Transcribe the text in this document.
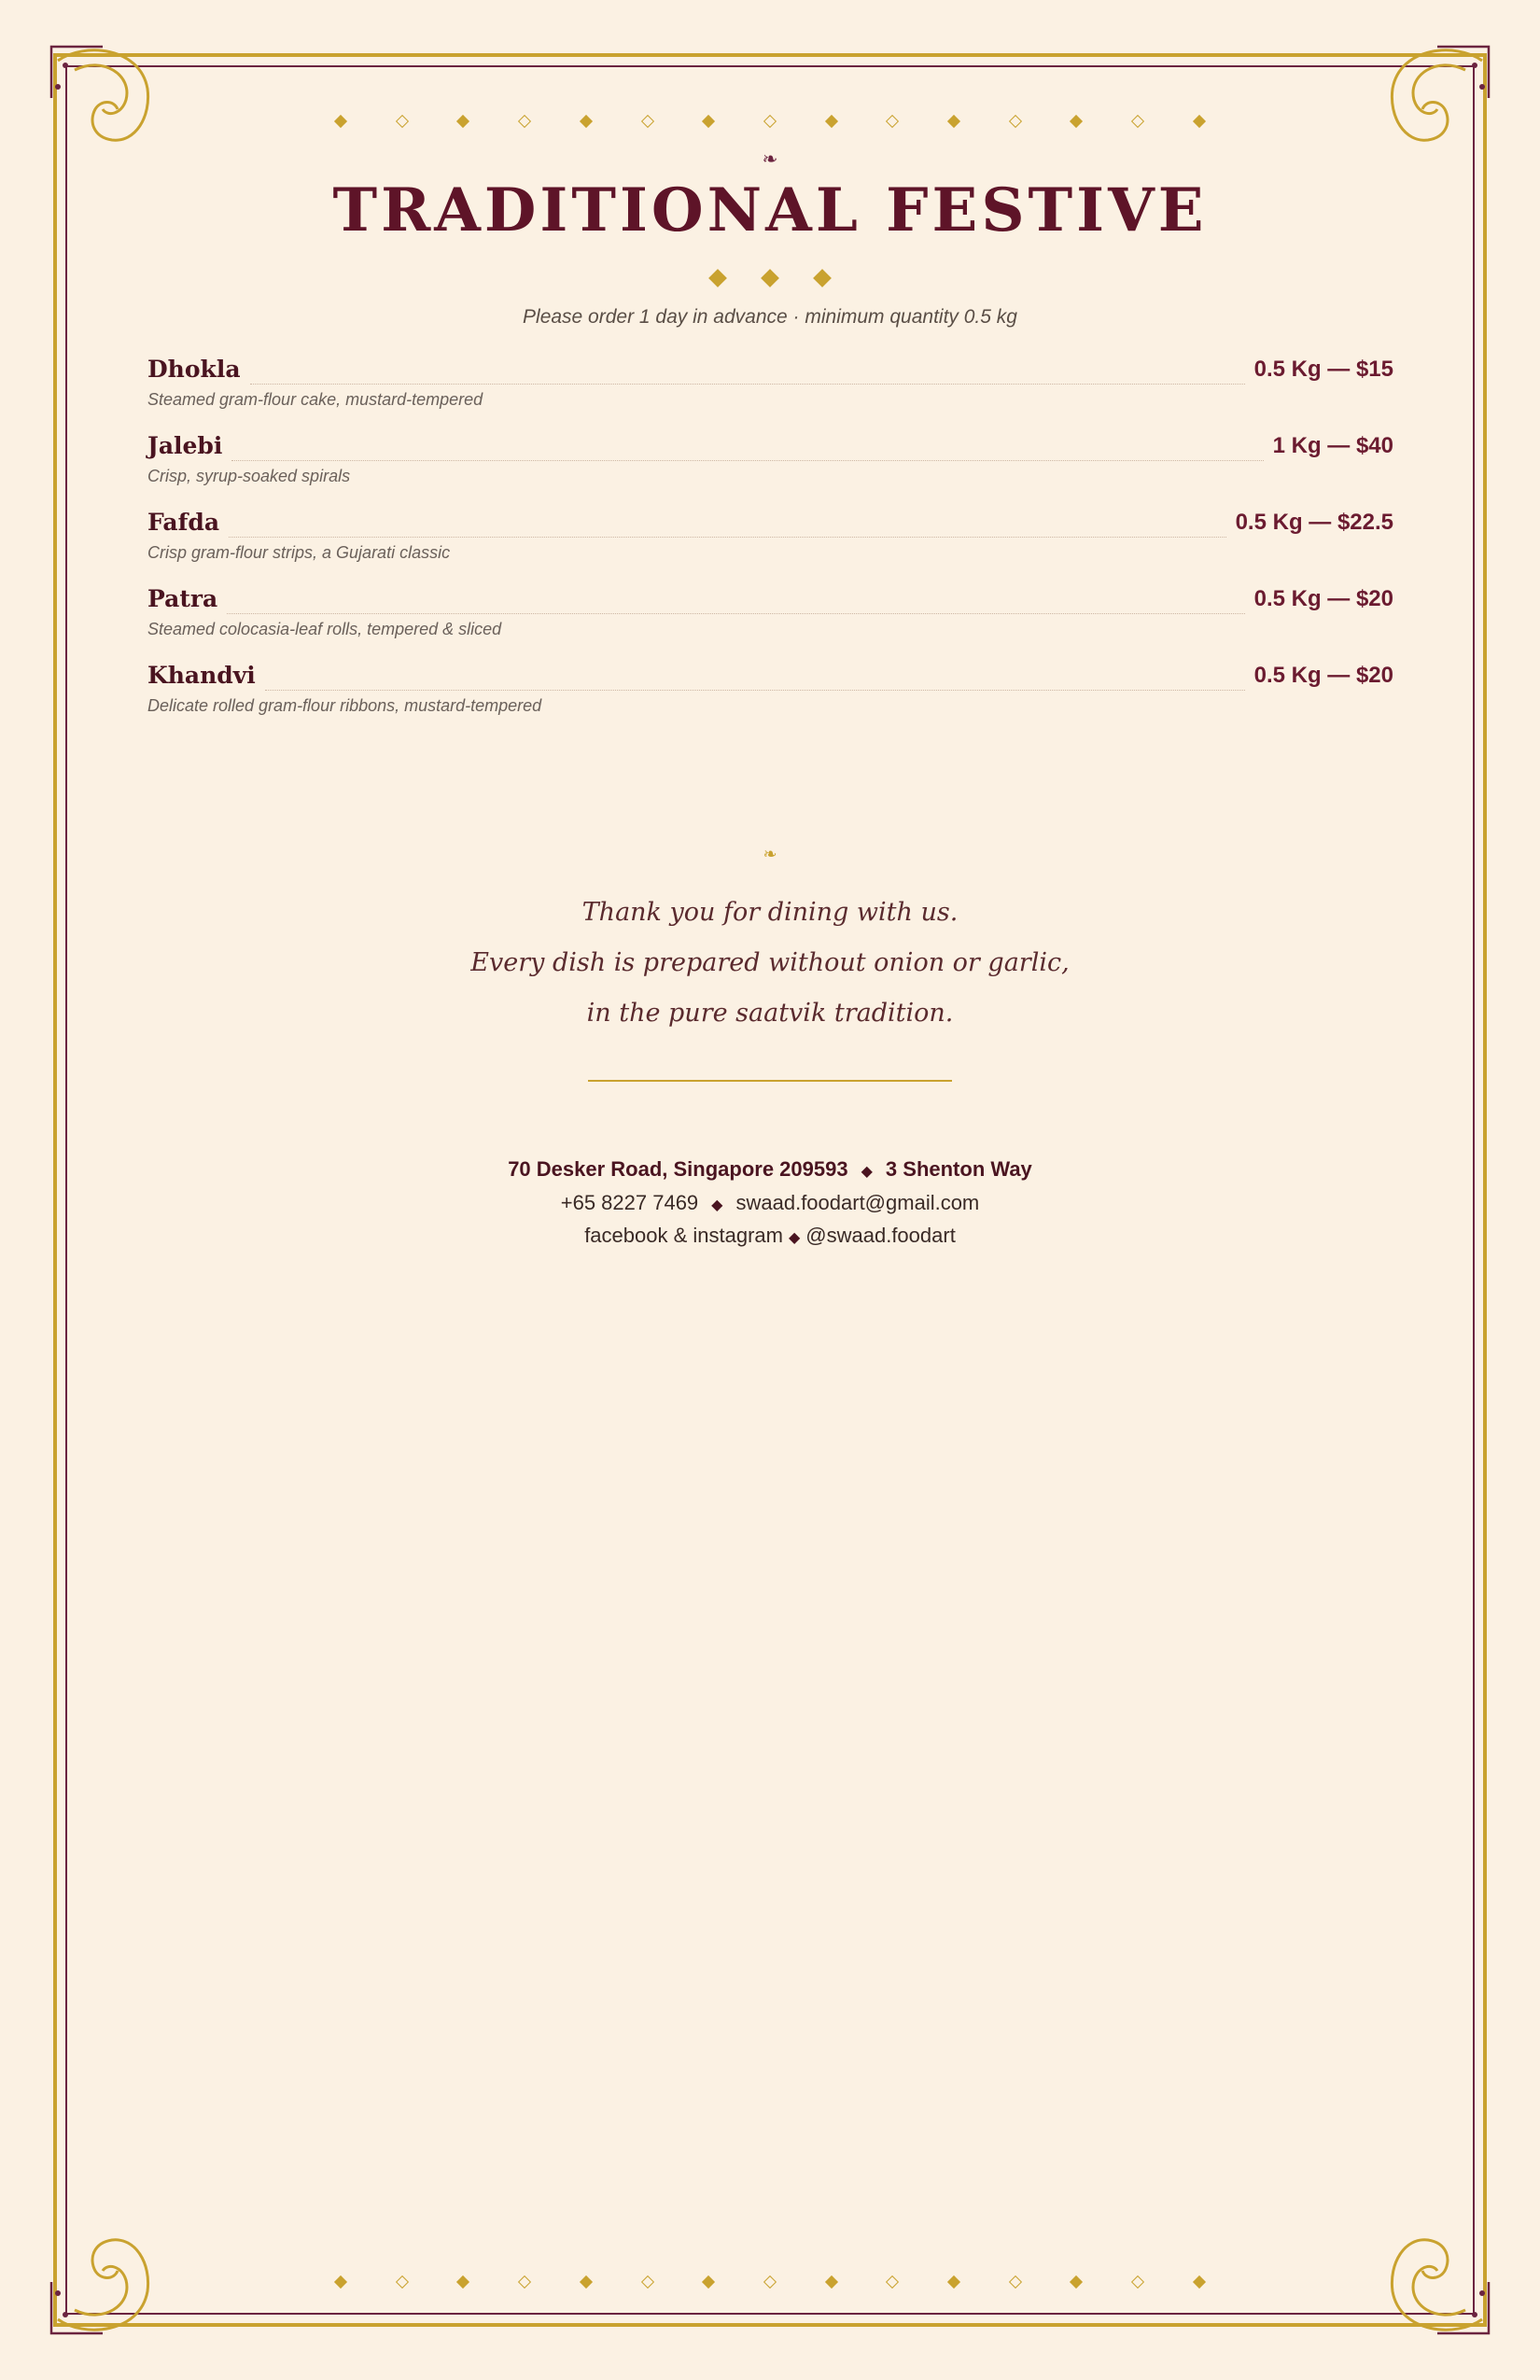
❧
TRADITIONAL FESTIVE
Please order 1 day in advance · minimum quantity 0.5 kg
Dhokla	0.5 Kg — $15
Steamed gram-flour cake, mustard-tempered
Jalebi	1 Kg — $40
Crisp, syrup-soaked spirals
Fafda	0.5 Kg — $22.5
Crisp gram-flour strips, a Gujarati classic
Patra	0.5 Kg — $20
Steamed colocasia-leaf rolls, tempered & sliced
Khandvi	0.5 Kg — $20
Delicate rolled gram-flour ribbons, mustard-tempered
❧
Thank you for dining with us.
Every dish is prepared without onion or garlic,
in the pure saatvik tradition.
70 Desker Road, Singapore 209593 ◆ 3 Shenton Way
+65 8227 7469 ◆ swaad.foodart@gmail.com
facebook & instagram ◆ @swaad.foodart
